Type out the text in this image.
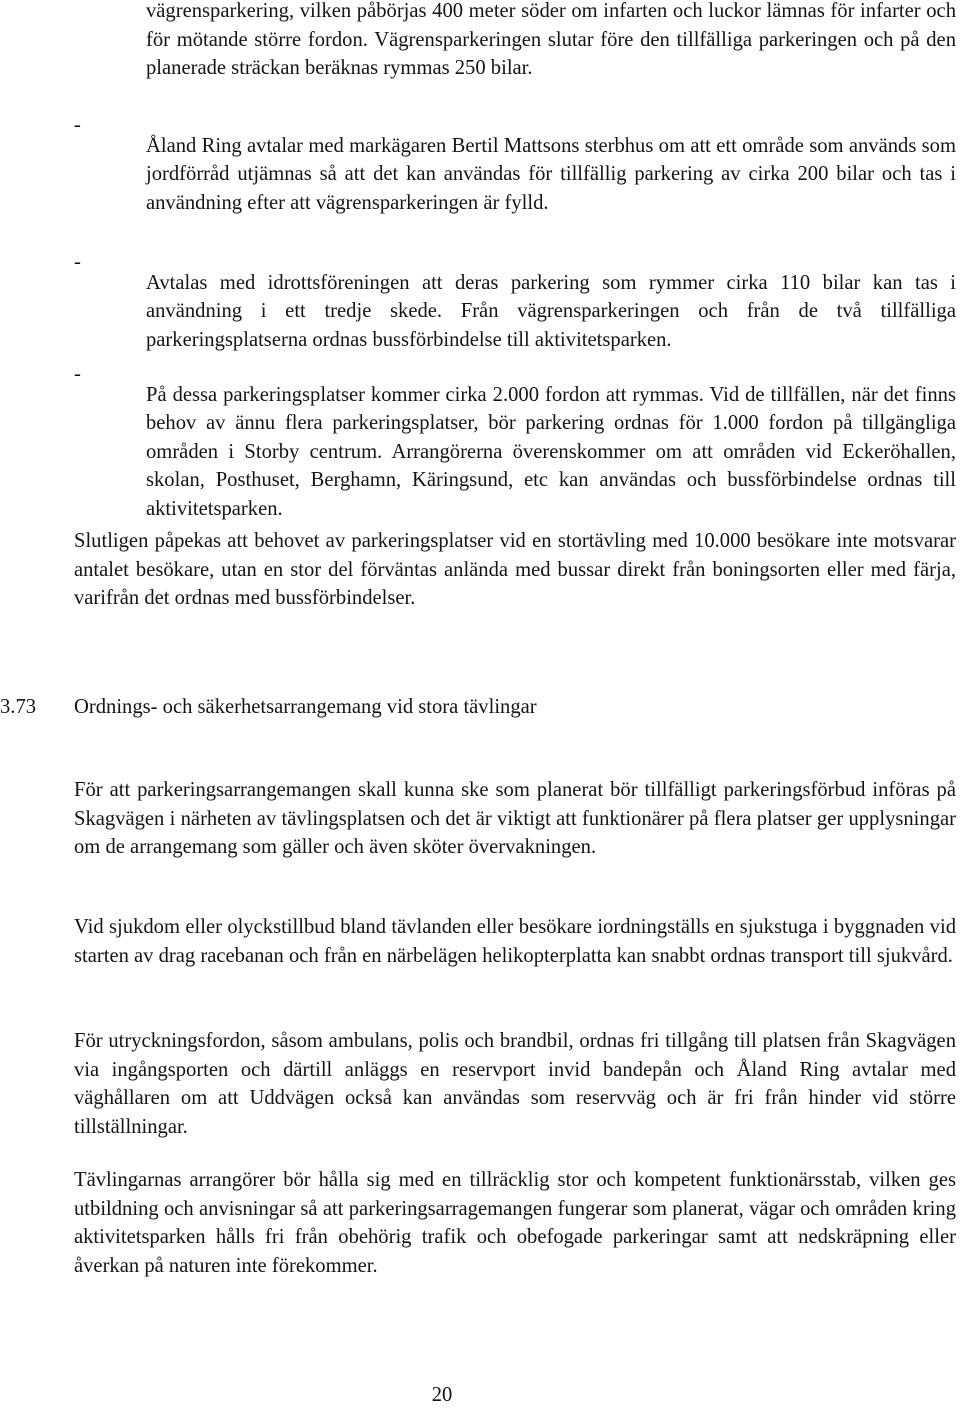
vägrensparkering, vilken påbörjas 400 meter söder om infarten och luckor lämnas för infarter och för mötande större fordon. Vägrensparkeringen slutar före den tillfälliga parkeringen och på den planerade sträckan beräknas rymmas 250 bilar.

-

Åland Ring avtalar med markägaren Bertil Mattsons sterbhus om att ett område som används som jordförråd utjämnas så att det kan användas för tillfällig parkering av cirka 200 bilar och tas i användning efter att vägrensparkeringen är fylld.

-

Avtalas med idrottsföreningen att deras parkering som rymmer cirka 110 bilar kan tas i användning i ett tredje skede. Från vägrensparkeringen och från de två tillfälliga parkeringsplatserna ordnas bussförbindelse till aktivitetsparken.

-

På dessa parkeringsplatser kommer cirka 2.000 fordon att rymmas. Vid de tillfällen, när det finns behov av ännu flera parkeringsplatser, bör parkering ordnas för 1.000 fordon på tillgängliga områden i Storby centrum. Arrangörerna överenskommer om att områden vid Eckeröhallen, skolan, Posthuset, Berghamn, Käringsund, etc kan användas och bussförbindelse ordnas till aktivitetsparken.

Slutligen påpekas att behovet av parkeringsplatser vid en stortävling med 10.000 besökare inte motsvarar antalet besökare, utan en stor del förväntas anlända med bussar direkt från boningsorten eller med färja, varifrån det ordnas med bussförbindelser.

3.73 Ordnings- och säkerhetsarrangemang vid stora tävlingar

För att parkeringsarrangemangen skall kunna ske som planerat bör tillfälligt parkeringsförbud införas på Skagvägen i närheten av tävlingsplatsen och det är viktigt att funktionärer på flera platser ger upplysningar om de arrangemang som gäller och även sköter övervakningen.

Vid sjukdom eller olyckstillbud bland tävlanden eller besökare iordningställs en sjukstuga i byggnaden vid starten av drag racebanan och från en närbelägen helikopterplatta kan snabbt ordnas transport till sjukvård.

För utryckningsfordon, såsom ambulans, polis och brandbil, ordnas fri tillgång till platsen från Skagvägen via ingångsporten och därtill anläggs en reservport invid bandepån och Åland Ring avtalar med väghållaren om att Uddvägen också kan användas som reservväg och är fri från hinder vid större tillställningar.

Tävlingarnas arrangörer bör hålla sig med en tillräcklig stor och kompetent funktionärsstab, vilken ges utbildning och anvisningar så att parkeringsarragemangen fungerar som planerat, vägar och områden kring aktivitetsparken hålls fri från obehörig trafik och obefogade parkeringar samt att nedskräpning eller åverkan på naturen inte förekommer.

20
